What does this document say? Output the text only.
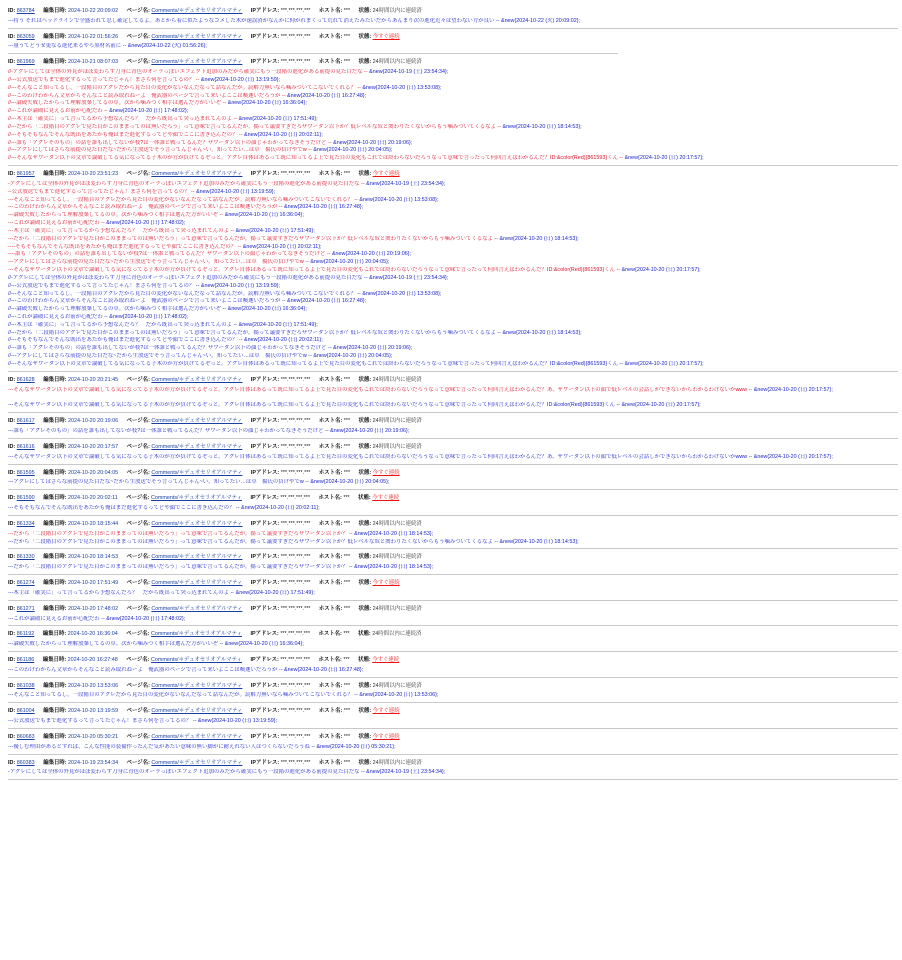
ID: 863784 編集日時: 2024-10-22 20:09:02 ページ名: Comments/＊デュオセリオアルマティ IPアドレス: ***.***.***.*** ホスト名: *** 状態: 24時間以内に連続済
---持う それはヘッドラインで全盛われて忍し確定してるよ。あとから着に似たようなコメした木が速誤済がなんかに仰がれまくって荒れて消えたみたいだからあんまり次の進化近々は望わない方が良い -- &new{2024-10-22 (火) 20:09:02};
ID: 863059 編集日時: 2024-10-22 01:56:26 ページ名: Comments/＊デュオセリオアルマティ IPアドレス: ***.***.***.*** ホスト名: *** 状態: 今すぐ連続
---量うてどうせ更なる進化来るやろ黒材名前に -- &new{2024-10-22 (火) 01:56:26};
ID: 861969 編集日時: 2024-10-21 08:07:03 ページ名: Comments/＊デュオセリオアルマティ IPアドレス: ***.***.***.*** ホスト名: *** 状態: 24時間以内に連続済
//-アグレにしては全体の外見がほぼ変わらず刀身に青色のオーラっぽいエフェクト追加のみだから確実にもう一段階の進化がある前提の見た目だな -- &new{2024-10-19 (土) 23:54:34};
//---公式放送でもまで進化するって言ってたじゃん！まさら何を言ってるの？ -- &new{2024-10-20 (日) 13:19:59};
//---そんなこと知ってるし。一段階目のアグレだから見た目の変化がないなんだなって話なんだが。読解力無いなら噛みついてこないでくれる？ -- &new{2024-10-20 (日) 13:53:08};
//---このわけわからん文章からそんなこと読み取れねーよ　俺武器のページで言って来いよここは喚迦いだろうが -- &new{2024-10-20 (日) 16:27:48};
//---論破失敗したからって理解放棄してるの草。次から噛みつく相手は選んだ方がいいぞ -- &new{2024-10-20 (日) 16:36:04};
//---これが論破に見えるお前が心配だわ -- &new{2024-10-20 (日) 17:48:02};
//---木主は「確実に」って言ってるから予想なんだろ？　だから既出って突っ込まれてんのよ -- &new{2024-10-20 (日) 17:51:49};
//---だから「二段階目のアグレで見た目がこのままってのは無いだろう」って意味で言ってるんだが。揚って議要すぎだろザワーダン以下か？低レベルな奴と関わりたくないからもう噛みついてくるなよ -- &new{2024-10-20 (日) 18:14:53};
//---そもそもなんでそんな既出をあたかも俺はまだ進化するってどや顔でここに書き込んだの？ -- &new{2024-10-20 (日) 20:02:11};
//---誰も「アグレそのもの」の話を誰も出してないが枝?は一体誰と戦ってるんだ？ザワーダン以下の顔じゃわかってなきそうだけど -- &new{2024-10-20 (日) 20:19:06};
//---アグレにしてはさらな前提の見た目だな~だから生放送でそう言ってんじゃん~い。知ってたい…は草　揚氏の負けやでw -- &new{2024-10-20 (日) 20:04:05};
//---そんなザワーダン以下の文章で論破してる気になってる子木のが方が負けてるぞっと。アグレ自体はあるって既に知ってるよ上で見た目の変化もこれでは終わらないだろうなって意味で言ったって何回言えばわかるんだ？ID:&color(Red){861593}くん -- &new{2024-10-20 (日) 20:17:57};
ID: 861957 編集日時: 2024-10-20 23:51:23 ページ名: Comments/＊デュオセリオアルマティ IPアドレス: ***.***.***.*** ホスト名: *** 状態: 今すぐ連続
-アグレにしては全体の外見がほぼ変わらず刀身に青色のオーラっぽいエフェクト追加のみだから確実にもう一段階の進化がある前提の見た目だな -- &new{2024-10-19 (土) 23:54:34};
--公式放送でもまで進化するって言ってたじゃん！まさら何を言ってるの？ -- &new{2024-10-20 (日) 13:19:59};
---そんなこと知ってるし。一段階目のアグレだから見た目の変化がないなんだなって話なんだが。読解力無いなら噛みついてこないでくれる？ -- &new{2024-10-20 (日) 13:53:08};
---このわけわからん文章からそんなこと読み取れねーよ　俺武器のページで言って来いよここは喚迦いだろうが -- &new{2024-10-20 (日) 16:27:48};
---論破失敗したからって理解放棄してるの草。次から噛みつく相手は選んだ方がいいぞ -- &new{2024-10-20 (日) 16:36:04};
---これが論破に見えるお前が心配だわ -- &new{2024-10-20 (日) 17:48:02};
---木主は「確実に」って言ってるから予想なんだろ？　だから既出って突っ込まれてんのよ -- &new{2024-10-20 (日) 17:51:49};
---だから「二段階目のアグレで見た目がこのままってのは無いだろう」って意味で言ってるんだが。揚って議要すぎだろザワーダン以下か？低レベルな奴と関わりたくないからもう噛みついてくるなよ -- &new{2024-10-20 (日) 18:14:53};
----そもそもなんでそんな既出をあたかも俺はまだ進化するってどや顔でここに書き込んだの？ -- &new{2024-10-20 (日) 20:02:11};
----誰も「アグレそのもの」の話を誰も出してないが枝?は一体誰と戦ってるんだ？ザワーダン以下の顔じゃわかってなきそうだけど -- &new{2024-10-20 (日) 20:19:06};
---アグレにしてはさらな前提の見た目だな~だから生放送でそう言ってんじゃん~い。知ってたい…は草　揚氏の負けやでw -- &new{2024-10-20 (日) 20:04:05};
---そんなザワーダン以下の文章で論破してる気になってる子木のが方が負けてるぞっと。アグレ自体はあるって既に知ってるよ上で見た目の変化もこれでは終わらないだろうなって意味で言ったって何回言えばわかるんだ？ID:&color(Red){861593}くん -- &new{2024-10-20 (日) 20:17:57};
//-アグレにしては全体の外見がほぼ変わらず刀身に青色のオーラっぽいエフェクト追加のみだから確実にもう一段階の進化がある前提の見た目だな -- &new{2024-10-19 (土) 23:54:34};
//---公式放送でもまで進化するって言ってたじゃん！まさら何を言ってるの？ -- &new{2024-10-20 (日) 13:19:59};
//---そんなこと知ってるし。一段階目のアグレだから見た目の変化がないなんだなって話なんだが。読解力無いなら噛みついてこないでくれる？ -- &new{2024-10-20 (日) 13:53:08};
//---このわけわからん文章からそんなこと読み取れねーよ　俺武器のページで言って来いよここは喚迦いだろうが -- &new{2024-10-20 (日) 16:27:48};
//---論破失敗したからって理解放棄してるの草。次から噛みつく相手は選んだ方がいいぞ -- &new{2024-10-20 (日) 16:36:04};
//---これが論破に見えるお前が心配だわ -- &new{2024-10-20 (日) 17:48:02};
//---木主は「確実に」って言ってるから予想なんだろ？　だから既出って突っ込まれてんのよ -- &new{2024-10-20 (日) 17:51:49};
//---だから「二段階目のアグレで見た目がこのままってのは無いだろう」って意味で言ってるんだが。揚って議要すぎだろザワーダン以下か？低レベルな奴と関わりたくないからもう噛みついてくるなよ -- &new{2024-10-20 (日) 18:14:53};
//---そもそもなんでそんな既出をあたかも俺はまだ進化するってどや顔でここに書き込んだの？ -- &new{2024-10-20 (日) 20:02:11};
//---誰も「アグレそのもの」の話を誰も出してないが枝?は一体誰と戦ってるんだ？ザワーダン以下の顔じゃわかってなきそうだけど -- &new{2024-10-20 (日) 20:19:06};
//---アグレにしてはさらな前提の見た目だな~だから生放送でそう言ってんじゃん~い。知ってたい…は草　揚氏の負けやでw -- &new{2024-10-20 (日) 20:04:05};
//---そんなザワーダン以下の文章で論破してる気になってる子木のが方が負けてるぞっと。アグレ自体はあるって既に知ってるよ上で見た目の変化もこれでは終わらないだろうなって意味で言ったって何回言えばわかるんだ？ID:&color(Red){861593}くん -- &new{2024-10-20 (日) 20:17:57};
ID: 861628 編集日時: 2024-10-20 20:21:45 ページ名: Comments/＊デュオセリオアルマティ IPアドレス: ***.***.***.*** ホスト名: *** 状態: 24時間以内に連続済
---そんなザワーダン以下の文章で論破してる気になってる子木のが方が負けてるぞっと。アグレ自体はあるって既に知ってるよ上で見た目の変化もこれでは終わらないだろうなって意味で言ったって何回言えばわかるんだ？あ、ザワーダン以下の顔で低レベルの会話しかできないからわかるわけないかwww -- &new{2024-10-20 (日) 20:17:57};
---そんなザワーダン以下の文章で論破してる気になってる子木のが方が負けてるぞっと。アグレ自体はあるって既に知ってるよ上で見た目の変化もこれでは終わらないだろうなって意味で言ったって何回言えばわかるんだ？ID:&color(Red){861593}くん -- &new{2024-10-20 (日) 20:17:57};
ID: 861617 編集日時: 2024-10-20 20:19:06 ページ名: Comments/＊デュオセリオアルマティ IPアドレス: ***.***.***.*** ホスト名: *** 状態: 24時間以内に連続済
---誰も「アグレそのもの」の話を誰も出してないが枝?は一体誰と戦ってるんだ？ザワーダン以下の顔じゃわかってなきそうだけど -- &new{2024-10-20 (日) 20:19:06};
ID: 861616 編集日時: 2024-10-20 20:17:57 ページ名: Comments/＊デュオセリオアルマティ IPアドレス: ***.***.***.*** ホスト名: *** 状態: 24時間以内に連続済
---そんなザワーダン以下の文章で論破してる気になってる子木のが方が負けてるぞっと。アグレ自体はあるって既に知ってるよ上で見た目の変化もこれでは終わらないだろうなって意味で言ったって何回言えばわかるんだ？あ、ザワーダン以下の顔で低レベルの会話しかできないからわかるわけないかwww -- &new{2024-10-20 (日) 20:17:57};
ID: 861595 編集日時: 2024-10-20 20:04:05 ページ名: Comments/＊デュオセリオアルマティ IPアドレス: ***.***.***.*** ホスト名: *** 状態: 今すぐ連続
---アグレにしてはさらな前提の見た目だな~だから生放送でそう言ってんじゃん~い。知ってたい…は草　揚氏の負けやでw -- &new{2024-10-20 (日) 20:04:05};
ID: 861590 編集日時: 2024-10-20 20:02:11 ページ名: Comments/＊デュオセリオアルマティ IPアドレス: ***.***.***.*** ホスト名: *** 状態: 今すぐ連続
---そもそもなんでそんな既出をあたかも俺はまだ進化するってどや顔でここに書き込んだの？ -- &new{2024-10-20 (日) 20:02:11};
ID: 861334 編集日時: 2024-10-20 18:15:44 ページ名: Comments/＊デュオセリオアルマティ IPアドレス: ***.***.***.*** ホスト名: *** 状態: 24時間以内に連続済
---だから「二段階目のアグレで見た目がこのままってのは無いだろう」って意味で言ってるんだが。揚って議要すぎだろザワーダン以下か？ -- &new{2024-10-20 (日) 18:14:53};
---だから「二段階目のアグレで見た目がこのままってのは無いだろう」って意味で言ってるんだが。揚って議要すぎだろザワーダン以下か？低レベルな奴と関わりたくないからもう噛みついてくるなよ -- &new{2024-10-20 (日) 18:14:53};
ID: 861330 編集日時: 2024-10-20 18:14:53 ページ名: Comments/＊デュオセリオアルマティ IPアドレス: ***.***.***.*** ホスト名: *** 状態: 24時間以内に連続済
---だから「二段階目のアグレで見た目がこのままってのは無いだろう」って意味で言ってるんだが。揚って議要すぎだろザワーダン以下か？ -- &new{2024-10-20 (日) 18:14:53};
ID: 861274 編集日時: 2024-10-20 17:51:49 ページ名: Comments/＊デュオセリオアルマティ IPアドレス: ***.***.***.*** ホスト名: *** 状態: 今すぐ連続
---木主は「確実に」って言ってるから予想なんだろ？　だから既出って突っ込まれてんのよ -- &new{2024-10-20 (日) 17:51:49};
ID: 861271 編集日時: 2024-10-20 17:48:02 ページ名: Comments/＊デュオセリオアルマティ IPアドレス: ***.***.***.*** ホスト名: *** 状態: 24時間以内に連続済
---これが論破に見えるお前が心配だわ -- &new{2024-10-20 (日) 17:48:02};
ID: 861192 編集日時: 2024-10-20 16:36:04 ページ名: Comments/＊デュオセリオアルマティ IPアドレス: ***.***.***.*** ホスト名: *** 状態: 24時間以内に連続済
---論破失敗したからって理解放棄してるの草。次から噛みつく相手は選んだ方がいいぞ -- &new{2024-10-20 (日) 16:36:04};
ID: 861186 編集日時: 2024-10-20 16:27:48 ページ名: Comments/＊デュオセリオアルマティ IPアドレス: ***.***.***.*** ホスト名: *** 状態: 今すぐ連続
---このわけわからん文章からそんなこと読み取れねーよ　俺武器のページで言って来いよここは喚迦いだろうが -- &new{2024-10-20 (日) 16:27:48};
ID: 861038 編集日時: 2024-10-20 13:53:06 ページ名: Comments/＊デュオセリオアルマティ IPアドレス: ***.***.***.*** ホスト名: *** 状態: 24時間以内に連続済
---そんなこと知ってるし。一段階目のアグレだから見た目の変化がないなんだなって話なんだが。読解力無いなら噛みついてこないでくれる？ -- &new{2024-10-20 (日) 13:53:06};
ID: 861004 編集日時: 2024-10-20 13:19:59 ページ名: Comments/＊デュオセリオアルマティ IPアドレス: ***.***.***.*** ホスト名: *** 状態: 今すぐ連続
---公式放送でもまで進化するって言ってたじゃん！まさら何を言ってるの？ -- &new{2024-10-20 (日) 13:19:59};
ID: 860683 編集日時: 2024-10-20 05:30:21 ページ名: Comments/＊デュオセリオアルマティ IPアドレス: ***.***.***.*** ホスト名: *** 状態: 今すぐ連続
---優しむ理由があるとすれば、こんな性能の装備作ったんだ気があたい意味の無い脚がに耐えれない人はつくらないだろうね -- &new{2024-10-20 (日) 05:30:21};
ID: 860383 編集日時: 2024-10-19 23:54:34 ページ名: Comments/＊デュオセリオアルマティ IPアドレス: ***.***.***.*** ホスト名: *** 状態: 24時間以内に連続済
-アグレにしては全体の外見がほぼ変わらず刀身に青色のオーラっぽいエフェクト追加のみだから確実にもう一段階の進化がある前提の見た目だな -- &new{2024-10-19 (土) 23:54:34};
